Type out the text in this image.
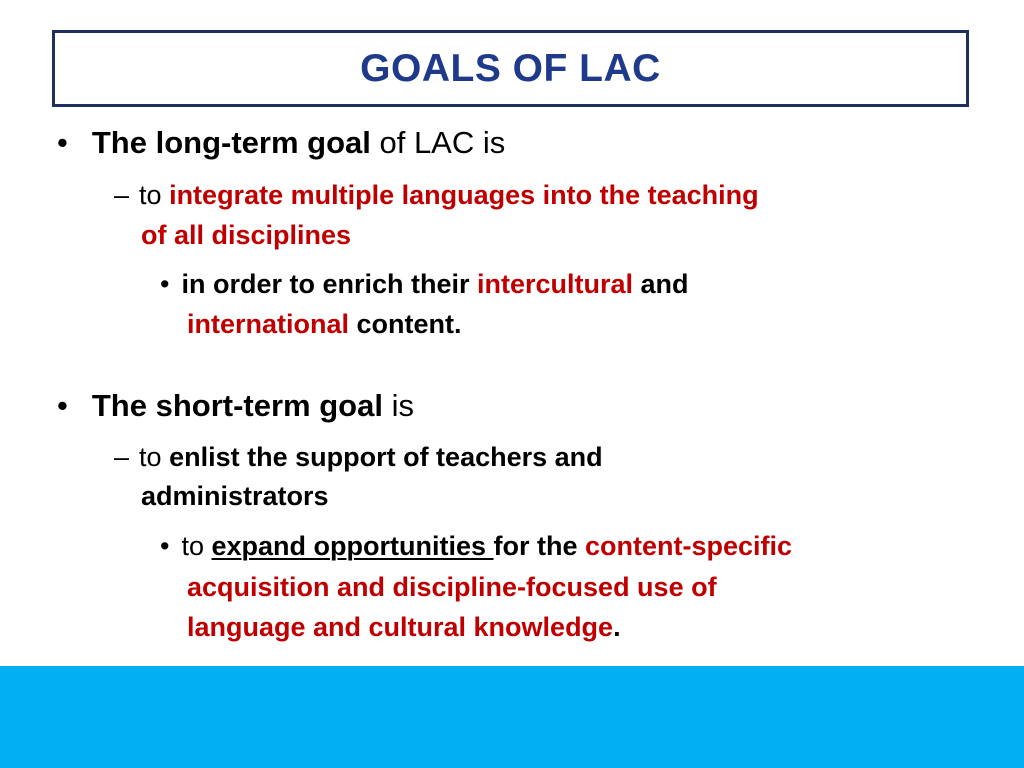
GOALS OF LAC
• The long-term goal of LAC is
– to integrate multiple languages into the teaching
of all disciplines
• in order to enrich their intercultural and
international content.
• The short-term goal is
– to enlist the support of teachers and
administrators
• to expand opportunities for the content-specific
acquisition and discipline-focused use of
language and cultural knowledge.
